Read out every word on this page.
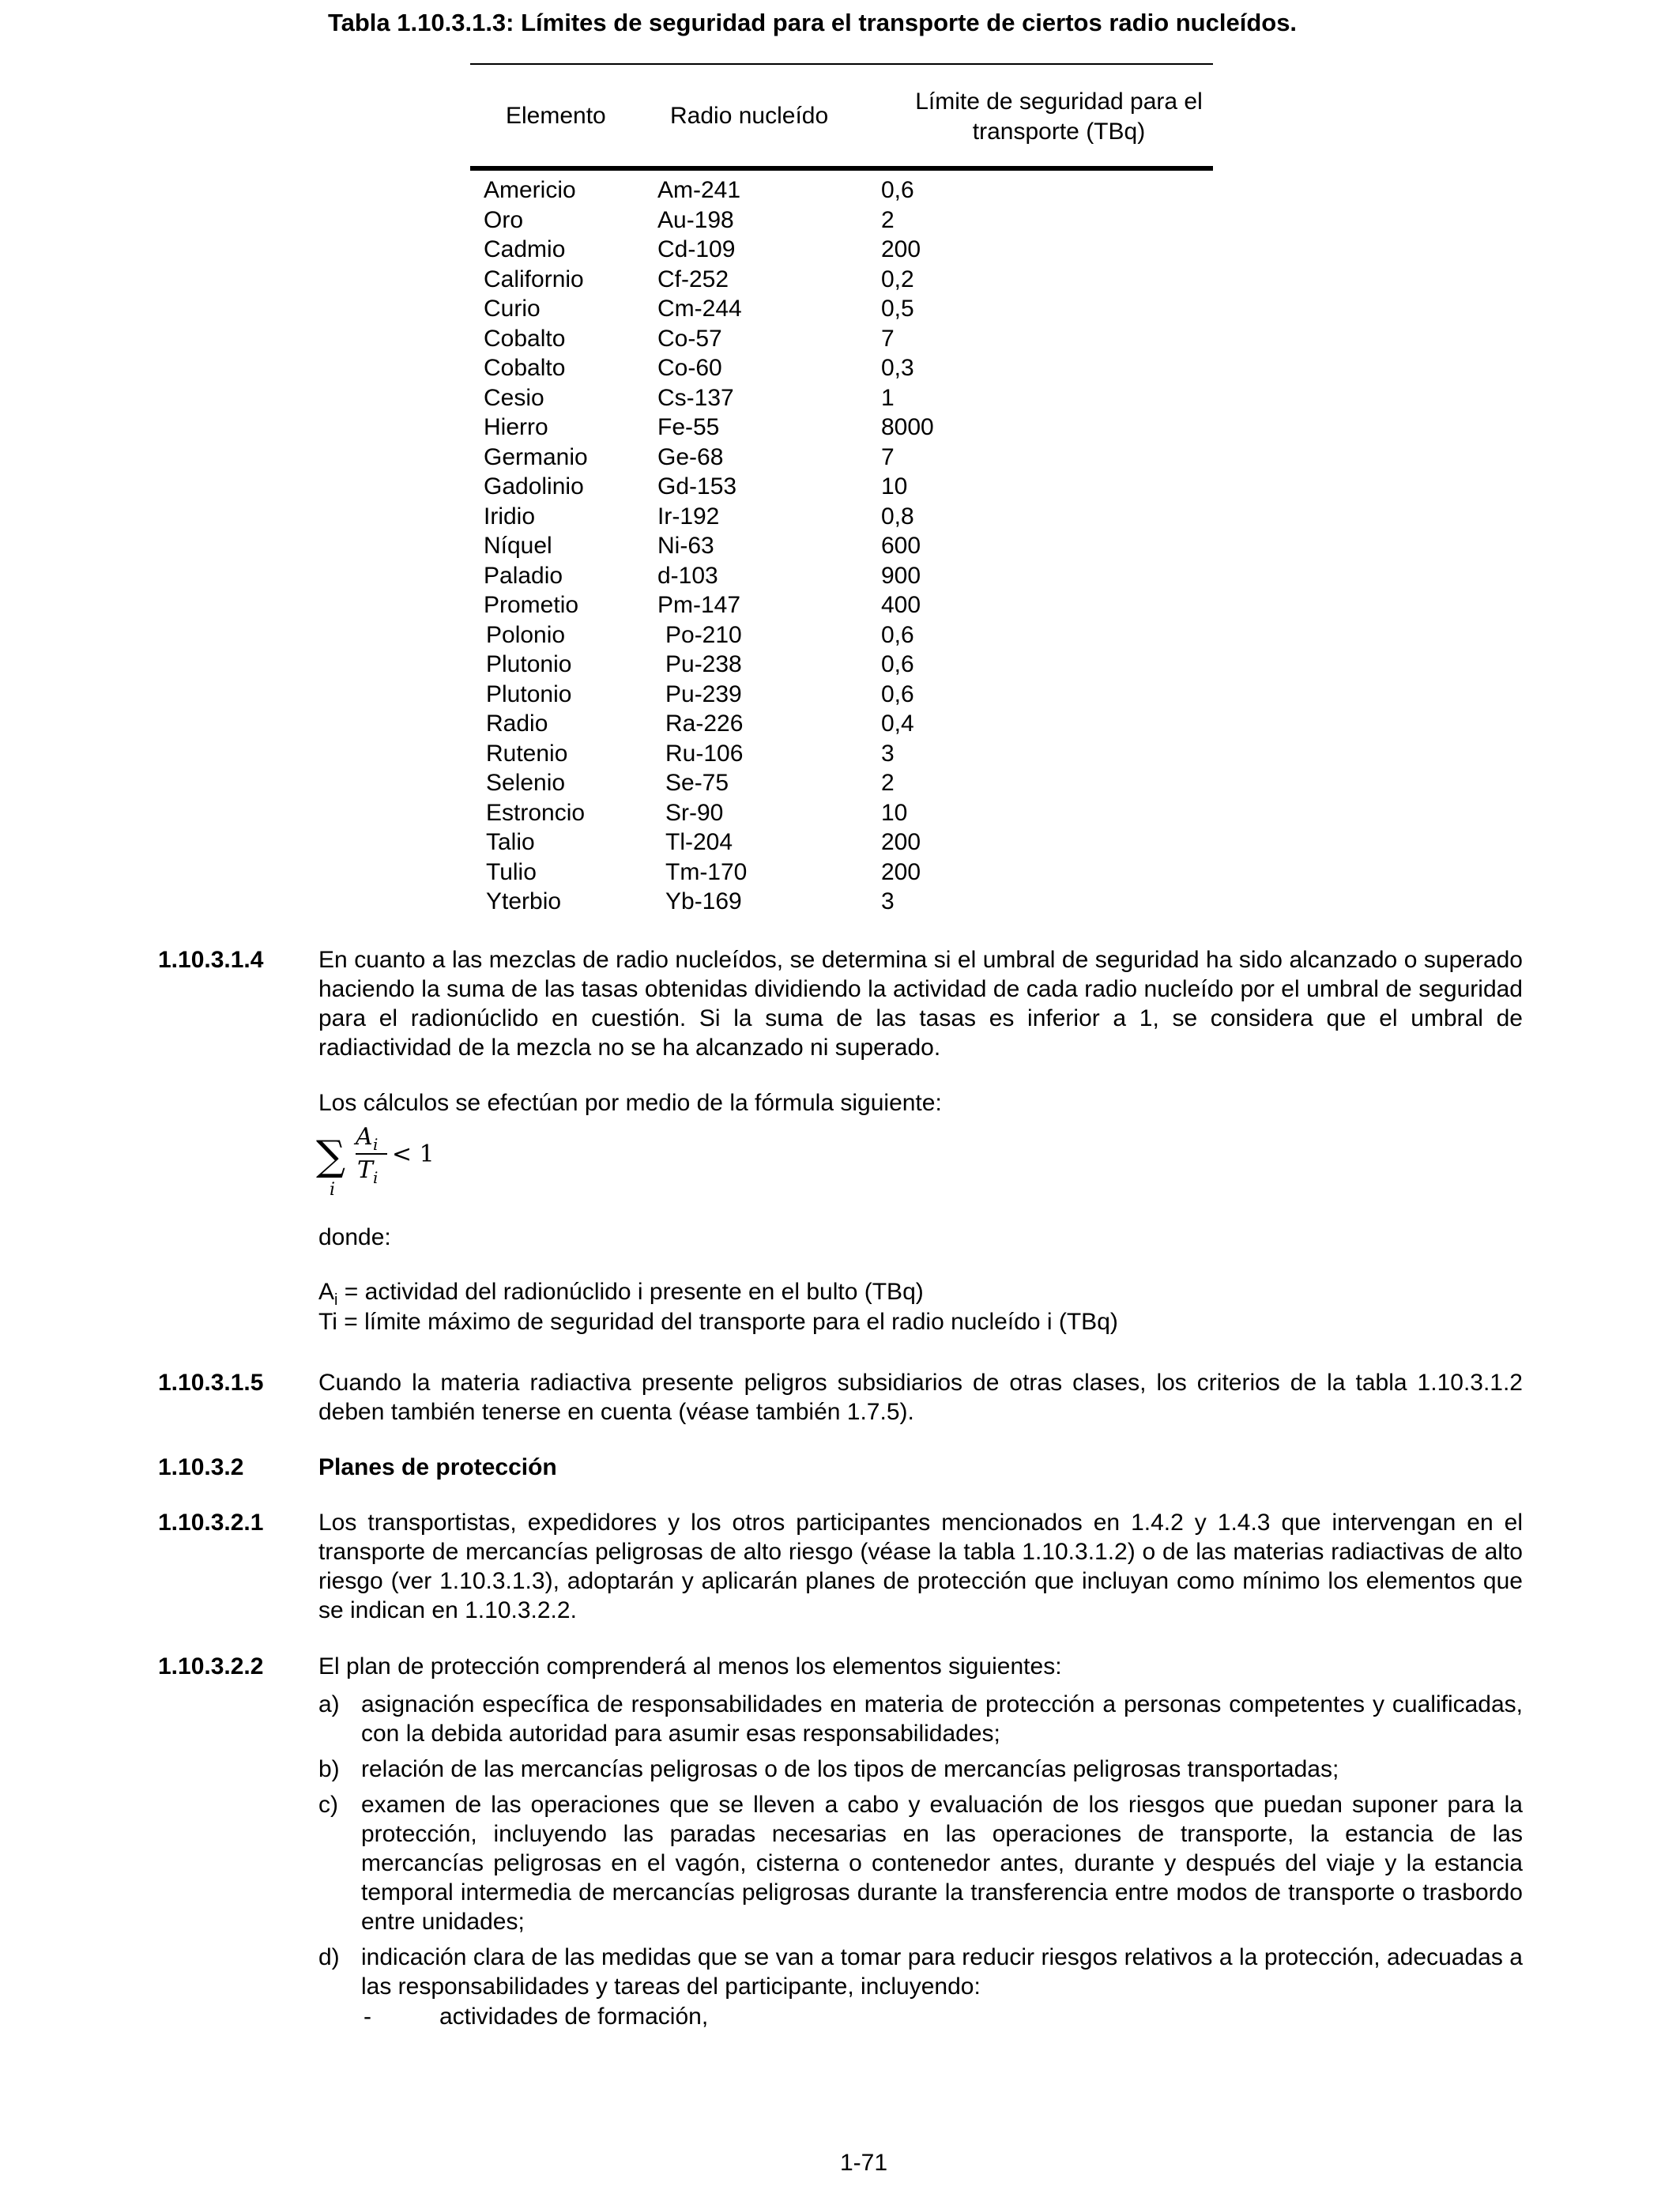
Tabla 1.10.3.1.3: Límites de seguridad para el transporte de ciertos radio nucleídos.
Elemento	Radio nucleído
Límite de seguridad para el
transporte (TBq)
Americio	Am-241	0,6
Oro	Au-198	2
Cadmio	Cd-109	200
Californio	Cf-252	0,2
Curio	Cm-244	0,5
Cobalto	Co-57	7
Cobalto	Co-60	0,3
Cesio	Cs-137	1
Hierro	Fe-55	8000
Germanio	Ge-68	7
Gadolinio	Gd-153	10
Iridio	Ir-192	0,8
Níquel	Ni-63	600
Paladio	d-103	900
Prometio	Pm-147	400
Polonio	Po-210	0,6
Plutonio	Pu-238	0,6
Plutonio	Pu-239	0,6
Radio	Ra-226	0,4
Rutenio	Ru-106	3
Selenio	Se-75	2
Estroncio	Sr-90	10
Talio	Tl-204	200
Tulio	Tm-170	200
Yterbio	Yb-169	3
1.10.3.1.4 En cuanto a las mezclas de radio nucleídos, se determina si el umbral de seguridad ha sido alcanzado o superado haciendo la suma de las tasas obtenidas dividiendo la actividad de cada radio nucleído por el umbral de seguridad para el radionúclido en cuestión. Si la suma de las tasas es inferior a 1, se considera que el umbral de radiactividad de la mezcla no se ha alcanzado ni superado.
Los cálculos se efectúan por medio de la fórmula siguiente:
∑
i
A i
T i
< 1
donde:
$A_i$ = actividad del radionúclido i presente en el bulto (TBq)
Ti = límite máximo de seguridad del transporte para el radio nucleído i (TBq)
1.10.3.1.5 Cuando la materia radiactiva presente peligros subsidiarios de otras clases, los criterios de la tabla 1.10.3.1.2 deben también tenerse en cuenta (véase también 1.7.5).
1.10.3.2	Planes de protección
1.10.3.2.1 Los transportistas, expedidores y los otros participantes mencionados en 1.4.2 y 1.4.3 que intervengan en el transporte de mercancías peligrosas de alto riesgo (véase la tabla 1.10.3.1.2) o de las materias radiactivas de alto riesgo (ver 1.10.3.1.3), adoptarán y aplicarán planes de protección que incluyan como mínimo los elementos que se indican en 1.10.3.2.2.
1.10.3.2.2 El plan de protección comprenderá al menos los elementos siguientes:
a) asignación específica de responsabilidades en materia de protección a personas competentes y cualificadas, con la debida autoridad para asumir esas responsabilidades;
b) relación de las mercancías peligrosas o de los tipos de mercancías peligrosas transportadas;
c) examen de las operaciones que se lleven a cabo y evaluación de los riesgos que puedan suponer para la protección, incluyendo las paradas necesarias en las operaciones de transporte, la estancia de las mercancías peligrosas en el vagón, cisterna o contenedor antes, durante y después del viaje y la estancia temporal intermedia de mercancías peligrosas durante la transferencia entre modos de transporte o trasbordo entre unidades;
d) indicación clara de las medidas que se van a tomar para reducir riesgos relativos a la protección, adecuadas a las responsabilidades y tareas del participante, incluyendo:
-	actividades de formación,
1-71
